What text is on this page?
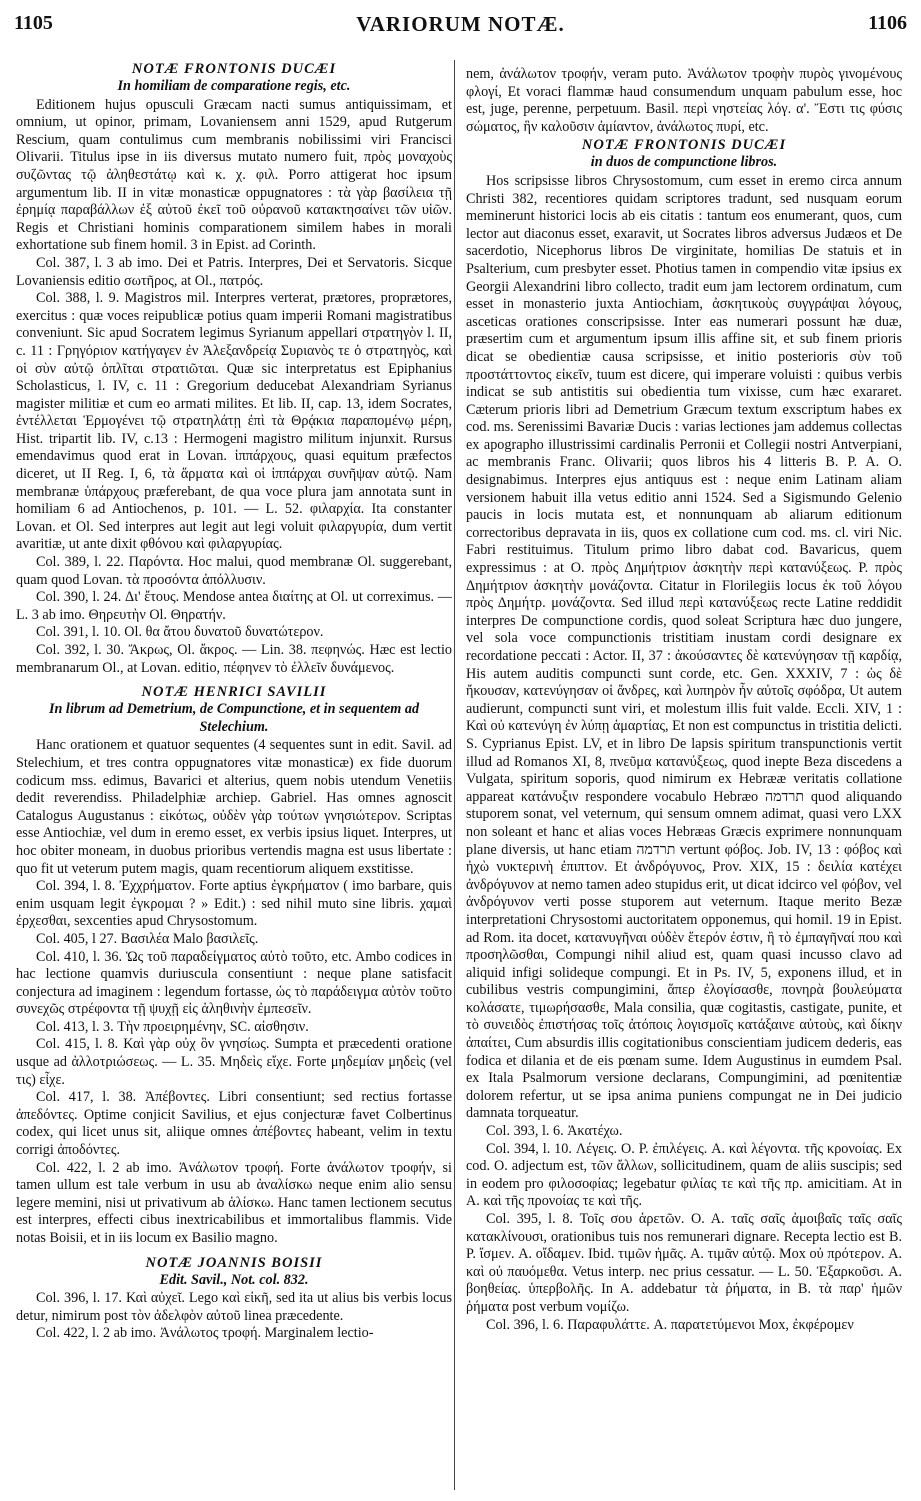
1105	VARIORUM NOTÆ.	1106
NOTÆ FRONTONIS DUCÆI
In homiliam de comparatione regis, etc.

Editionem hujus opusculi Græcam nacti sumus antiquissimam, et omnium, ut opinor, primam, Lovaniensem anni 1529, apud Rutgerum Rescium, quam contulimus cum membranis nobilissimi viri Francisci Olivarii. Titulus ipse in iis diversus mutato numero fuit, πρὸς μοναχοὺς συζῶντας τῷ ἀληθεστάτῳ καὶ κ. χ. φιλ. Porro attigerat hoc ipsum argumentum lib. II in vitæ monasticæ oppugnatores : τὰ γὰρ βασίλεια τῇ ἐρημίᾳ παραβάλλων ἐξ αὐτοῦ ἐκεῖ τοῦ οὐρανοῦ κατακτησαίνει τῶν υἱῶν. Regis et Christiani hominis comparationem similem habes in morali exhortatione sub finem homil. 3 in Epist. ad Corinth.

Col. 387, l. 3 ab imo. Dei et Patris. Interpres, Dei et Servatoris. Sicque Lovaniensis editio σωτῆρος, at Ol., πατρός.

Col. 388, l. 9. Magistros mil. Interpres verterat, prætores, proprætores, exercitus : quæ voces reipublicæ potius quam imperii Romani magistratibus conveniunt. Sic apud Socratem legimus Syrianum appellari στρατηγὸν l. II, c. 11 : Γρηγόριον κατήγαγεν ἐν Ἀλεξανδρείᾳ Συριανὸς τε ὁ στρατηγὸς, καὶ οἱ σὺν αὐτῷ ὁπλῖται στρατιῶται. Quæ sic interpretatus est Epiphanius Scholasticus, l. IV, c. 11 : Gregorium deducebat Alexandriam Syrianus magister militiæ et cum eo armati milites. Et lib. II, cap. 13, idem Socrates, ἐντέλλεται Ἑρμογένει τῷ στρατηλάτῃ ἐπὶ τὰ Θρᾴκια παραπομένῳ μέρη, Hist. tripartit lib. IV, c.13 : Hermogeni magistro militum injunxit. Rursus emendavimus quod erat in Lovan. ἱππάρχους, quasi equitum præfectos diceret, ut II Reg. I, 6, τὰ ἅρματα καὶ οἱ ἱππάρχαι συνῆψαν αὐτῷ. Nam membranæ ὑπάρχους præferebant, de qua voce plura jam annotata sunt in homiliam 6 ad Antiochenos, p. 101. — L. 52. φιλαρχία. Ita constanter Lovan. et Ol. Sed interpres aut legit aut legi voluit φιλαργυρία, dum vertit avaritiæ, ut ante dixit φθόνου καὶ φιλαργυρίας.

Col. 389, l. 22. Παρόντα. Hoc malui, quod membranæ Ol. suggerebant, quam quod Lovan. τὰ προσόντα ἀπόλλυσιν.

Col. 390, l. 24. Δι' ἔτους. Mendose antea διαίτης at Ol. ut correximus. — L. 3 ab imo. Θηρευτὴν Ol. Θηρατήν.

Col. 391, l. 10. Ol. θα ἄτου δυνατοῦ δυνατώτερον.

Col. 392, l. 30. Ἄκρως, Ol. ἄκρος. — Lin. 38. πεφηνώς. Hæc est lectio membranarum Ol., at Lovan. editio, πέφηνεν τὸ ἐλλεῖν δυνάμενος.

NOTÆ HENRICI SAVILII
In librum ad Demetrium, de Compunctione, et in sequentem ad Stelechium.

Hanc orationem et quatuor sequentes (4 sequentes sunt in edit. Savil. ad Stelechium, et tres contra oppugnatores vitæ monasticæ) ex fide duorum codicum mss. edimus, Bavarici et alterius, quem nobis utendum Venetiis dedit reverendiss. Philadelphiæ archiep. Gabriel. Has omnes agnoscit Catalogus Augustanus : εἰκότως, οὐδὲν γὰρ τούτων γνησιώτερον. Scriptas esse Antiochiæ, vel dum in eremo esset, ex verbis ipsius liquet. Interpres, ut hoc obiter moneam, in duobus prioribus vertendis magna est usus libertate : quo fit ut veterum putem magis, quam recentiorum aliquem exstitisse.

Col. 394, l. 8. Ἐχχρήματον. Forte aptius ἐγκρήματον ( imo barbare, quis enim usquam legit ἐγκρομαι ? » Edit.) : sed nihil muto sine libris. χαμαὶ ἐρχεσθαι, sexcenties apud Chrysostomum.

Col. 405, l 27. Βασιλέα Malo βασιλεῖς.

Col. 410, l. 36. Ὡς τοῦ παραδείγματος αὐτὸ τοῦτο, etc. Ambo codices in hac lectione quamvis duriuscula consentiunt : neque plane satisfacit conjectura ad imaginem : legendum fortasse, ὡς τὸ παράδειγμα αὐτὸν τοῦτο συνεχῶς στρέφοντα τῇ ψυχῇ εἰς ἀληθινὴν ἐμπεσεῖν.

Col. 413, l. 3. Τὴν προειρημένην, SC. αἰσθησιν.

Col. 415, l. 8. Καὶ γὰρ οὐχ ὃν γνησίως. Sumpta et præcedenti oratione usque ad ἀλλοτριώσεως. — L. 35. Μηδεὶς εἴχε. Forte μηδεμίαν μηδεὶς (vel τις) εἶχε.

Col. 417, l. 38. Ἀπέβοντες. Libri consentiunt; sed rectius fortasse ἀπεδόντες. Optime conjicit Savilius, et ejus conjecturæ favet Colbertinus codex, qui licet unus sit, aliique omnes ἀπέβοντες habeant, velim in textu corrigi ἀποδόντες.

Col. 422, l. 2 ab imo. Ἀνάλωτον τροφή. Forte ἀνάλωτον τροφήν, si tamen ullum est tale verbum in usu ab ἀναλίσκω neque enim alio sensu legere memini, nisi ut privativum ab ἁλίσκω. Hanc tamen lectionem secutus est interpres, effecti cibus inextricabilibus et immortalibus flammis. Vide notas Boisii, et in iis locum ex Basilio magno.

NOTÆ JOANNIS BOISII
Edit. Savil., Not. col. 832.

Col. 396, l. 17. Καὶ αὐχεῖ. Lego καὶ εἰκῆ, sed ita ut alius bis verbis locus detur, nimirum post τὸν ἀδελφὸν αὐτοῦ linea præcedente.

Col. 422, l. 2 ab imo. Ἀνάλωτος τροφή. Marginalem lectio-

nem, ἀνάλωτον τροφήν, veram puto. Ἀνάλωτον τροφὴν πυρὸς γινομένους φλογί, Et voraci flammæ haud consumendum unquam pabulum esse, hoc est, juge, perenne, perpetuum. Basil. περὶ νηστείας λόγ. α'. Ἔστι τις φύσις σώματος, ἣν καλοῦσιν ἀμίαντον, ἀνάλωτος πυρί, etc.

NOTÆ FRONTONIS DUCÆI
in duos de compunctione libros.

Hos scripsisse libros Chrysostomum, cum esset in eremo circa annum Christi 382, recentiores quidam scriptores tradunt, sed nusquam eorum meminerunt historici locis ab eis citatis : tantum eos enumerant, quos, cum lector aut diaconus esset, exaravit, ut Socrates libros adversus Judæos et De sacerdotio, Nicephorus libros De virginitate, homilias De statuis et in Psalterium, cum presbyter esset. Photius tamen in compendio vitæ ipsius ex Georgii Alexandrini libro collecto, tradit eum jam lectorem ordinatum, cum esset in monasterio juxta Antiochiam, ἀσκητικοὺς συγγράψαι λόγους, asceticas orationes conscripsisse. Inter eas numerari possunt hæ duæ, præsertim cum et argumentum ipsum illis affine sit, et sub finem prioris dicat se obedientiæ causa scripsisse, et initio posterioris σὺν τοῦ προστάττοντος εἰκεῖν, tuum est dicere, qui imperare voluisti : quibus verbis indicat se sub antistitis sui obedientia tum vixisse, cum hæc exararet. Cæterum prioris libri ad Demetrium Græcum textum exscriptum habes ex cod. ms. Serenissimi Bavariæ Ducis : varias lectiones jam addemus collectas ex apographo illustrissimi cardinalis Perronii et Collegii nostri Antverpiani, ac membranis Franc. Olivarii; quos libros his 4 litteris B. P. A. O. designabimus. Interpres ejus antiquus est : neque enim Latinam aliam versionem habuit illa vetus editio anni 1524. Sed a Sigismundo Gelenio paucis in locis mutata est, et nonnunquam ab aliarum editionum correctoribus depravata in iis, quos ex collatione cum cod. ms. cl. viri Nic. Fabri restituimus. Titulum primo libro dabat cod. Bavaricus, quem expressimus : at O. πρὸς Δημήτριον ἀσκητὴν περὶ κατανύξεως. P. πρὸς Δημήτριον ἀσκητὴν μονάζοντα. Citatur in Florilegiis locus ἐκ τοῦ λόγου πρὸς Δημήτρ. μονάζοντα. Sed illud περὶ κατανύξεως recte Latine reddidit interpres De compunctione cordis, quod soleat Scriptura hæc duo jungere, vel sola voce compunctionis tristitiam inustam cordi designare ex recordatione peccati : Actor. II, 37 : ἀκούσαντες δὲ κατενύγησαν τῇ καρδίᾳ, His autem auditis compuncti sunt corde, etc. Gen. XXXIV, 7 : ὡς δὲ ἤκουσαν, κατενύγησαν οἱ ἄνδρες, καὶ λυπηρὸν ἦν αὐτοῖς σφόδρα, Ut autem audierunt, compuncti sunt viri, et molestum illis fuit valde. Eccli. XIV, 1 : Καὶ οὐ κατενύγη ἐν λύπῃ ἁμαρτίας, Et non est compunctus in tristitia delicti. S. Cyprianus Epist. LV, et in libro De lapsis spiritum transpunctionis vertit illud ad Romanos XI, 8, πνεῦμα κατανύξεως, quod inepte Beza discedens a Vulgata, spiritum soporis, quod nimirum ex Hebrææ veritatis collatione appareat κατάνυξιν respondere vocabulo Hebræo תרדמה quod aliquando stuporem sonat, vel veternum, qui sensum omnem adimat, quasi vero LXX non soleant et hanc et alias voces Hebræas Græcis exprimere nonnunquam plane diversis, ut hanc etiam תרדמה vertunt φόβος. Job. IV, 13 : φόβος καὶ ἠχὼ νυκτερινὴ ἐπιπτον. Et ἀνδρόγυνος, Prov. XIX, 15 : δειλία κατέχει ἀνδρόγυνον at nemo tamen adeo stupidus erit, ut dicat idcirco vel φόβον, vel ἀνδρόγυνον verti posse stuporem aut veternum. Itaque merito Bezæ interpretationi Chrysostomi auctoritatem opponemus, qui homil. 19 in Epist. ad Rom. ita docet, κατανυγῆναι οὐδὲν ἕτερόν ἐστιν, ἢ τὸ ἐμπαγῆναί που καὶ προσηλῶσθαι, Compungi nihil aliud est, quam quasi incusso clavo ad aliquid infigi solideque compungi. Et in Ps. IV, 5, exponens illud, et in cubilibus vestris compungimini, ἅπερ ἐλογίσασθε, πονηρὰ βουλεύματα κολάσατε, τιμωρήσασθε, Mala consilia, quæ cogitastis, castigate, punite, et τὸ συνειδὸς ἐπιστήσας τοῖς ἀτόποις λογισμοῖς κατάξαινε αὐτοὺς, καὶ δίκην ἀπαίτει, Cum absurdis illis cogitationibus conscientiam judicem dederis, eas fodica et dilania et de eis pœnam sume. Idem Augustinus in eumdem Psal. ex Itala Psalmorum versione declarans, Compungimini, ad pœnitentiæ dolorem refertur, ut se ipsa anima puniens compungat ne in Dei judicio damnata torqueatur.

Col. 393, l. 6. Ἀκατέχω.

Col. 394, l. 10. Λέγεις. O. P. ἐπιλέγεις. A. καὶ λέγοντα. τῆς κρονοίας. Ex cod. O. adjectum est, τῶν ἄλλων, sollicitudinem, quam de aliis suscipis; sed in eodem pro φιλοσοφίας; legebatur φιλίας τε καὶ τῆς πρ. amicitiam. At in A. καὶ τῆς προνοίας τε καὶ τῆς.

Col. 395, l. 8. Τοῖς σου ἀρετῶν. O. A. ταῖς σαῖς ἀμοιβαῖς ταῖς σαῖς κατακλίνουσι, orationibus tuis nos remunerari dignare. Recepta lectio est B. P. ἴσμεν. A. οἴδαμεν. Ibid. τιμῶν ἡμᾶς. A. τιμᾶν αὐτῷ. Mox οὐ πρότερον. A. καὶ οὐ παυόμεθα. Vetus interp. nec prius cessatur. — L. 50. Ἐξαρκοῦσι. A. βοηθείας. ὑπερβολῆς. In A. addebatur τὰ ῥήματα, in B. τὰ παρ' ἡμῶν ῥήματα post verbum νομίζω.

Col. 396, l. 6. Παραφυλάττε. A. παρατετύμενοι Mox, ἐκφέρομεν
